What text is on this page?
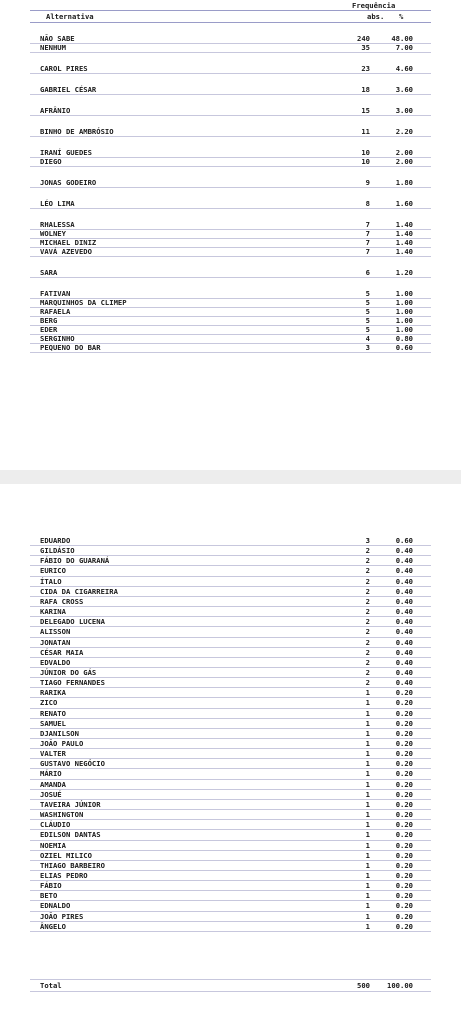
Frequência
Alternativa	abs. %
NÃO SABE	240	48.00
NENHUM	35	7.00
CAROL PIRES	23	4.60
GABRIEL CÉSAR	18	3.60
AFRÂNIO	15	3.00
BINHO DE AMBRÓSIO	11	2.20
IRANÍ GUEDES	10	2.00
DIEGO	10	2.00
JONAS GODEIRO	9	1.80
LÉO LIMA	8	1.60
RHALESSA	7	1.40
WOLNEY	7	1.40
MICHAEL DINIZ	7	1.40
VAVÁ AZEVEDO	7	1.40
SARA	6	1.20
FATIVAN	5	1.00
MARQUINHOS DA CLIMEP	5	1.00
RAFAELA	5	1.00
BERG	5	1.00
EDER	5	1.00
SERGINHO	4	0.80
PEQUENO DO BAR	3	0.60
EDUARDO	3	0.60
GILDÁSIO	2	0.40
FÁBIO DO GUARANÁ	2	0.40
EURICO	2	0.40
ÍTALO	2	0.40
CIDA DA CIGARREIRA	2	0.40
RAFA CROSS	2	0.40
KARINA	2	0.40
DELEGADO LUCENA	2	0.40
ALISSON	2	0.40
JONATAN	2	0.40
CÉSAR MAIA	2	0.40
EDVALDO	2	0.40
JÚNIOR DO GÁS	2	0.40
TIAGO FERNANDES	2	0.40
RARIKA	1	0.20
ZICO	1	0.20
RENATO	1	0.20
SAMUEL	1	0.20
DJANILSON	1	0.20
JOÃO PAULO	1	0.20
VALTER	1	0.20
GUSTAVO NEGÓCIO	1	0.20
MÁRIO	1	0.20
AMANDA	1	0.20
JOSUÉ	1	0.20
TAVEIRA JÚNIOR	1	0.20
WASHINGTON	1	0.20
CLÁUDIO	1	0.20
EDILSON DANTAS	1	0.20
NOEMIA	1	0.20
OZIEL MILICO	1	0.20
THIAGO BARBEIRO	1	0.20
ELIAS PEDRO	1	0.20
FÁBIO	1	0.20
BETO	1	0.20
EDNALDO	1	0.20
JOÃO PIRES	1	0.20
ÂNGELO	1	0.20
Total	500 100.00
